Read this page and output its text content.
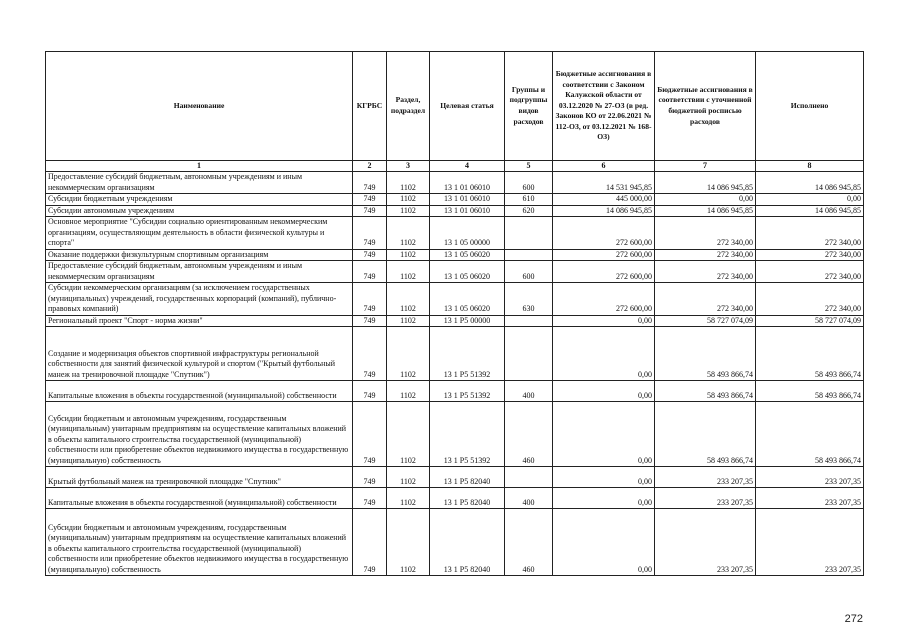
Наименование	КГРБС	Раздел, подраздел	Целевая статья	Группы и подгруппы видов расходов	Бюджетные ассигнования в соответствии с Законом Калужской области от 03.12.2020 № 27-ОЗ (в ред. Законов КО от 22.06.2021 № 112-ОЗ, от 03.12.2021 № 168-ОЗ)	Бюджетные ассигнования в соответствии с уточненной бюджетной росписью расходов	Исполнено
1	2	3	4	5	6	7	8
Предоставление субсидий бюджетным, автономным учреждениям и иным некоммерческим организациям	749	1102	13 1 01 06010	600	14 531 945,85	14 086 945,85	14 086 945,85
Субсидии бюджетным учреждениям	749	1102	13 1 01 06010	610	445 000,00	0,00	0,00
Субсидии автономным учреждениям	749	1102	13 1 01 06010	620	14 086 945,85	14 086 945,85	14 086 945,85
Основное мероприятие "Субсидии социально ориентированным некоммерческим организациям, осуществляющим деятельность в области физической культуры и спорта"	749	1102	13 1 05 00000		272 600,00	272 340,00	272 340,00
Оказание поддержки физкультурным спортивным организациям	749	1102	13 1 05 06020		272 600,00	272 340,00	272 340,00
Предоставление субсидий бюджетным, автономным учреждениям и иным некоммерческим организациям	749	1102	13 1 05 06020	600	272 600,00	272 340,00	272 340,00
Субсидии некоммерческим организациям (за исключением государственных (муниципальных) учреждений, государственных корпораций (компаний), публично-правовых компаний)	749	1102	13 1 05 06020	630	272 600,00	272 340,00	272 340,00
Региональный проект "Спорт - норма жизни"	749	1102	13 1 P5 00000		0,00	58 727 074,09	58 727 074,09
Создание и модернизация объектов спортивной инфраструктуры региональной собственности для занятий физической культурой и спортом ("Крытый футбольный манеж на тренировочной площадке "Спутник")	749	1102	13 1 P5 51392		0,00	58 493 866,74	58 493 866,74
Капитальные вложения в объекты государственной (муниципальной) собственности	749	1102	13 1 P5 51392	400	0,00	58 493 866,74	58 493 866,74
Субсидии бюджетным и автономным учреждениям, государственным (муниципальным) унитарным предприятиям на осуществление капитальных вложений в объекты капитального строительства государственной (муниципальной) собственности или приобретение объектов недвижимого имущества в государственную (муниципальную) собственность	749	1102	13 1 P5 51392	460	0,00	58 493 866,74	58 493 866,74
Крытый футбольный манеж на тренировочной площадке "Спутник"	749	1102	13 1 P5 82040		0,00	233 207,35	233 207,35
Капитальные вложения в объекты государственной (муниципальной) собственности	749	1102	13 1 P5 82040	400	0,00	233 207,35	233 207,35
Субсидии бюджетным и автономным учреждениям, государственным (муниципальным) унитарным предприятиям на осуществление капитальных вложений в объекты капитального строительства государственной (муниципальной) собственности или приобретение объектов недвижимого имущества в государственную (муниципальную) собственность	749	1102	13 1 P5 82040	460	0,00	233 207,35	233 207,35
272
